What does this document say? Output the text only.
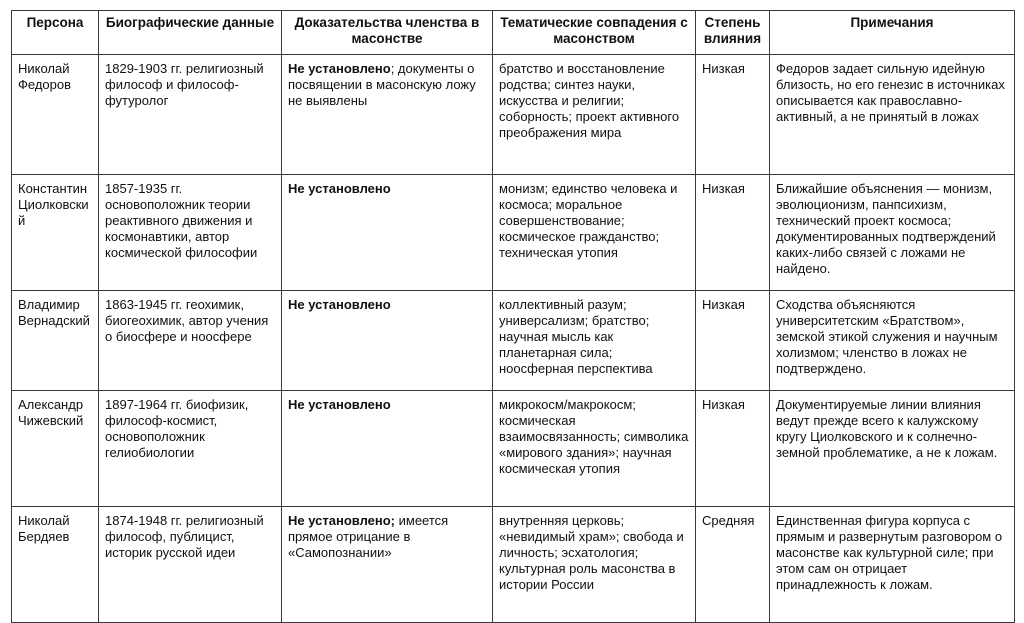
Персона	Биографические данные	Доказательства членства в масонстве	Тематические совпадения с масонством	Степень влияния	Примечания
Николай Федоров	1829-1903 гг. религиозный философ и философ-футуролог	Не установлено; документы о посвящении в масонскую ложу не выявлены	братство и восстановление родства; синтез науки, искусства и религии; соборность; проект активного преображения мира	Низкая	Федоров задает сильную идейную близость, но его генезис в источниках описывается как православно-активный, а не принятый в ложах
Константин Циолковский	1857-1935 гг. основоположник теории реактивного движения и космонавтики, автор космической философии	Не установлено	монизм; единство человека и космоса; моральное совершенствование; космическое гражданство; техническая утопия	Низкая	Ближайшие объяснения — монизм, эволюционизм, панпсихизм, технический проект космоса; документированных подтверждений каких-либо связей с ложами не найдено.
Владимир Вернадский	1863-1945 гг. геохимик, биогеохимик, автор учения о биосфере и ноосфере	Не установлено	коллективный разум; универсализм; братство; научная мысль как планетарная сила; ноосферная перспектива	Низкая	Сходства объясняются университетским «Братством», земской этикой служения и научным холизмом; членство в ложах не подтверждено.
Александр Чижевский	1897-1964 гг. биофизик, философ-космист, основоположник гелиобиологии	Не установлено	микрокосм/макрокосм; космическая взаимосвязанность; символика «мирового здания»; научная космическая утопия	Низкая	Документируемые линии влияния ведут прежде всего к калужскому кругу Циолковского и к солнечно-земной проблематике, а не к ложам.
Николай Бердяев	1874-1948 гг. религиозный философ, публицист, историк русской идеи	Не установлено; имеется прямое отрицание в «Самопознании»	внутренняя церковь; «невидимый храм»; свобода и личность; эсхатология; культурная роль масонства в истории России	Средняя	Единственная фигура корпуса с прямым и развернутым разговором о масонстве как культурной силе; при этом сам он отрицает принадлежность к ложам.
